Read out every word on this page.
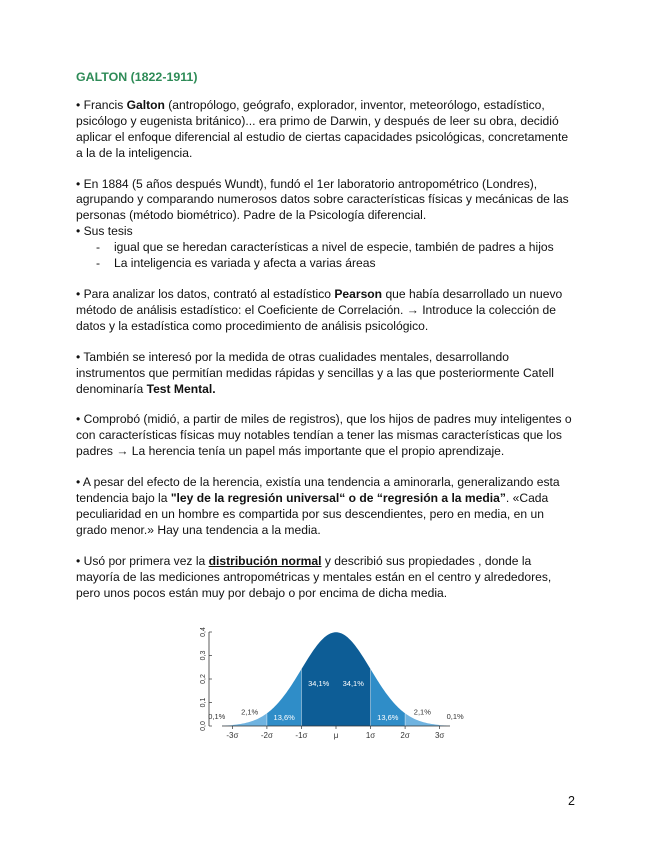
GALTON (1822-1911)

• Francis Galton (antropólogo, geógrafo, explorador, inventor, meteorólogo, estadístico, psicólogo y eugenista británico)... era primo de Darwin, y después de leer su obra, decidió aplicar el enfoque diferencial al estudio de ciertas capacidades psicológicas, concretamente a la de la inteligencia.

• En 1884 (5 años después Wundt), fundó el 1er laboratorio antropométrico (Londres), agrupando y comparando numerosos datos sobre características físicas y mecánicas de las personas (método biométrico). Padre de la Psicología diferencial.

• Sus tesis

- igual que se heredan características a nivel de especie, también de padres a hijos
- La inteligencia es variada y afecta a varias áreas

• Para analizar los datos, contrató al estadístico Pearson que había desarrollado un nuevo método de análisis estadístico: el Coeficiente de Correlación. → Introduce la colección de datos y la estadística como procedimiento de análisis psicológico.

• También se interesó por la medida de otras cualidades mentales, desarrollando instrumentos que permitían medidas rápidas y sencillas y a las que posteriormente Catell denominaría Test Mental.

• Comprobó (midió, a partir de miles de registros), que los hijos de padres muy inteligentes o con características físicas muy notables tendían a tener las mismas características que los padres → La herencia tenía un papel más importante que el propio aprendizaje.

• A pesar del efecto de la herencia, existía una tendencia a aminorarla, generalizando esta tendencia bajo la "ley de la regresión universal“ o de “regresión a la media”. «Cada peculiaridad en un hombre es compartida por sus descendientes, pero en media, en un grado menor.» Hay una tendencia a la media.

• Usó por primera vez la distribución normal y describió sus propiedades , donde la mayoría de las mediciones antropométricas y mentales están en el centro y alrededores, pero unos pocos están muy por debajo o por encima de dicha media.

0,0
0,1
0,2
0,3
0,4
-3σ	-2σ	-1σ	μ	1σ	2σ	3σ
0,1%
2,1%
13,6%
34,1% 34,1%
13,6%
2,1%
0,1%
2
